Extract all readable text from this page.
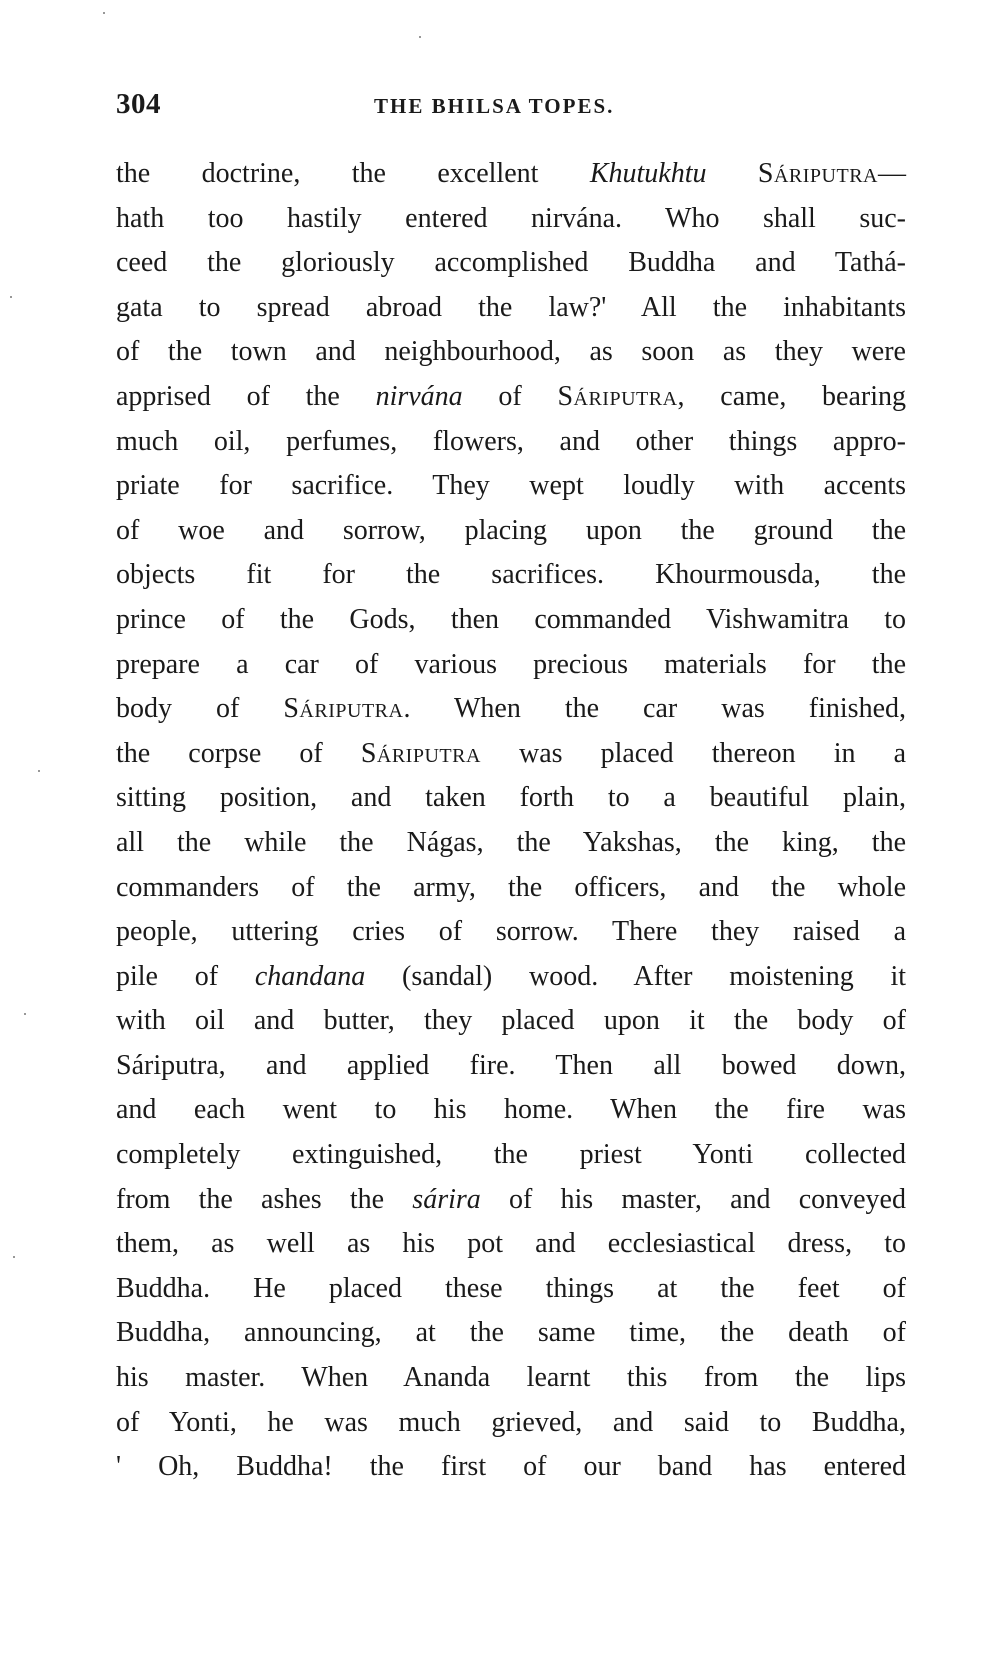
304	THE BHILSA TOPES.
the doctrine, the excellent Khutukhtu Sáriputra—
hath too hastily entered nirvána. Who shall suc-
ceed the gloriously accomplished Buddha and Tathá-
gata to spread abroad the law?' All the inhabitants
of the town and neighbourhood, as soon as they were
apprised of the nirvána of Sáriputra, came, bearing
much oil, perfumes, flowers, and other things appro-
priate for sacrifice. They wept loudly with accents
of woe and sorrow, placing upon the ground the
objects fit for the sacrifices. Khourmousda, the
prince of the Gods, then commanded Vishwamitra to
prepare a car of various precious materials for the
body of Sáriputra. When the car was finished,
the corpse of Sáriputra was placed thereon in a
sitting position, and taken forth to a beautiful plain,
all the while the Nágas, the Yakshas, the king, the
commanders of the army, the officers, and the whole
people, uttering cries of sorrow. There they raised a
pile of chandana (sandal) wood. After moistening it
with oil and butter, they placed upon it the body of
Sáriputra, and applied fire. Then all bowed down,
and each went to his home. When the fire was
completely extinguished, the priest Yonti collected
from the ashes the sárira of his master, and conveyed
them, as well as his pot and ecclesiastical dress, to
Buddha. He placed these things at the feet of
Buddha, announcing, at the same time, the death of
his master. When Ananda learnt this from the lips
of Yonti, he was much grieved, and said to Buddha,
' Oh, Buddha! the first of our band has entered
